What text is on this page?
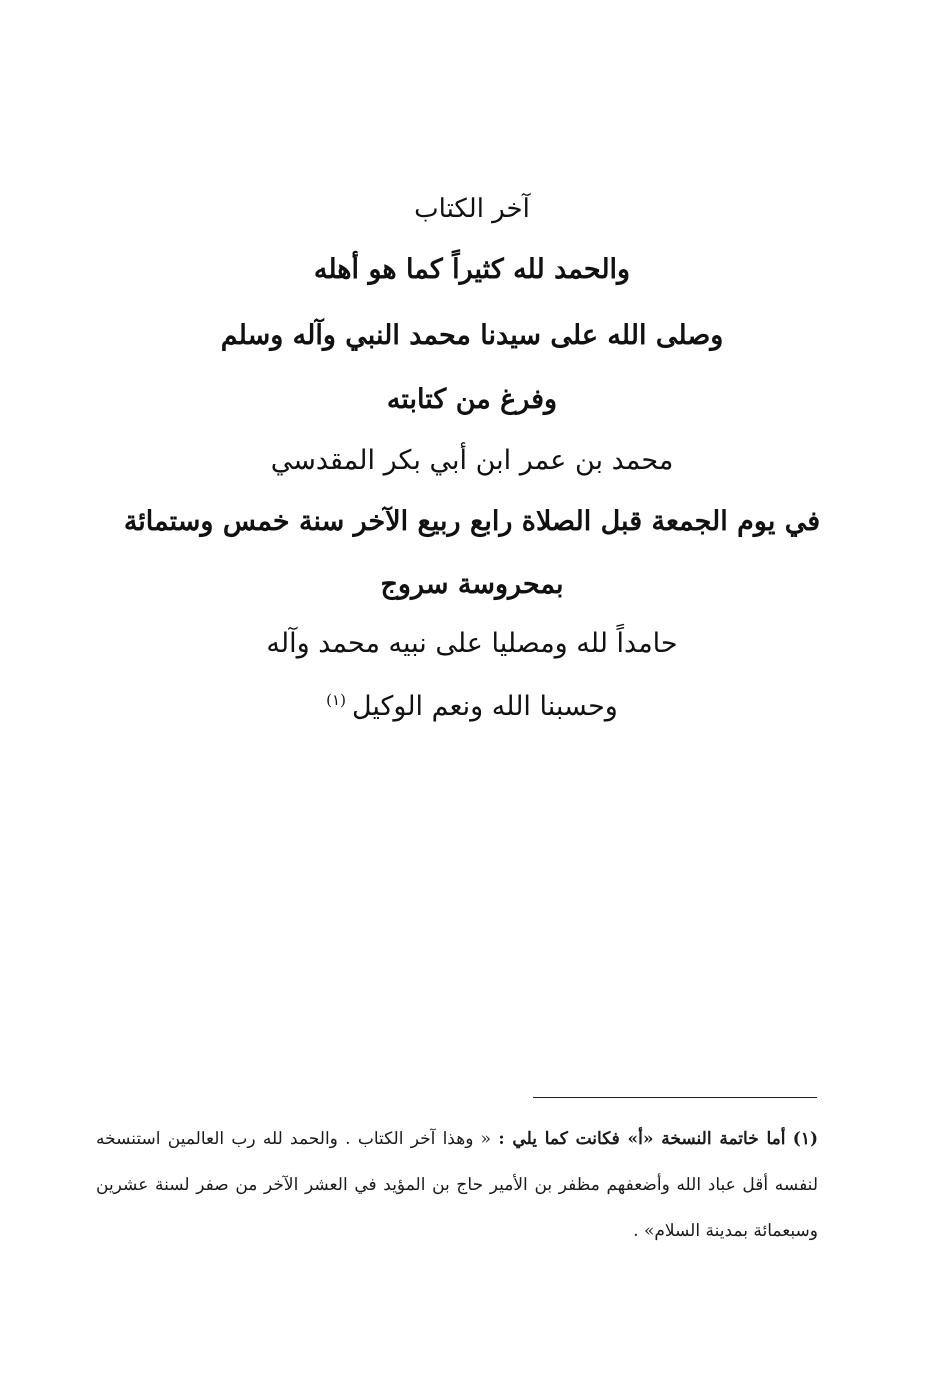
آخر الكتاب
والحمد لله كثيراً كما هو أهله
وصلى الله على سيدنا محمد النبي وآله وسلم
وفرغ من كتابته
محمد بن عمر ابن أبي بكر المقدسي
في يوم الجمعة قبل الصلاة رابع ربيع الآخر سنة خمس وستمائة
بمحروسة سروج
حامداً لله ومصليا على نبيه محمد وآله
وحسبنا الله ونعم الوكيل$^{(١)}$
(١) أما خاتمة النسخة «أ» فكانت كما يلي : « وهذا آخر الكتاب . والحمد لله رب العالمين استنسخه لنفسه أقل عباد الله وأضعفهم مظفر بن الأمير حاج بن المؤيد في العشر الآخر من صفر لسنة عشرين وسبعمائة بمدينة السلام» .
